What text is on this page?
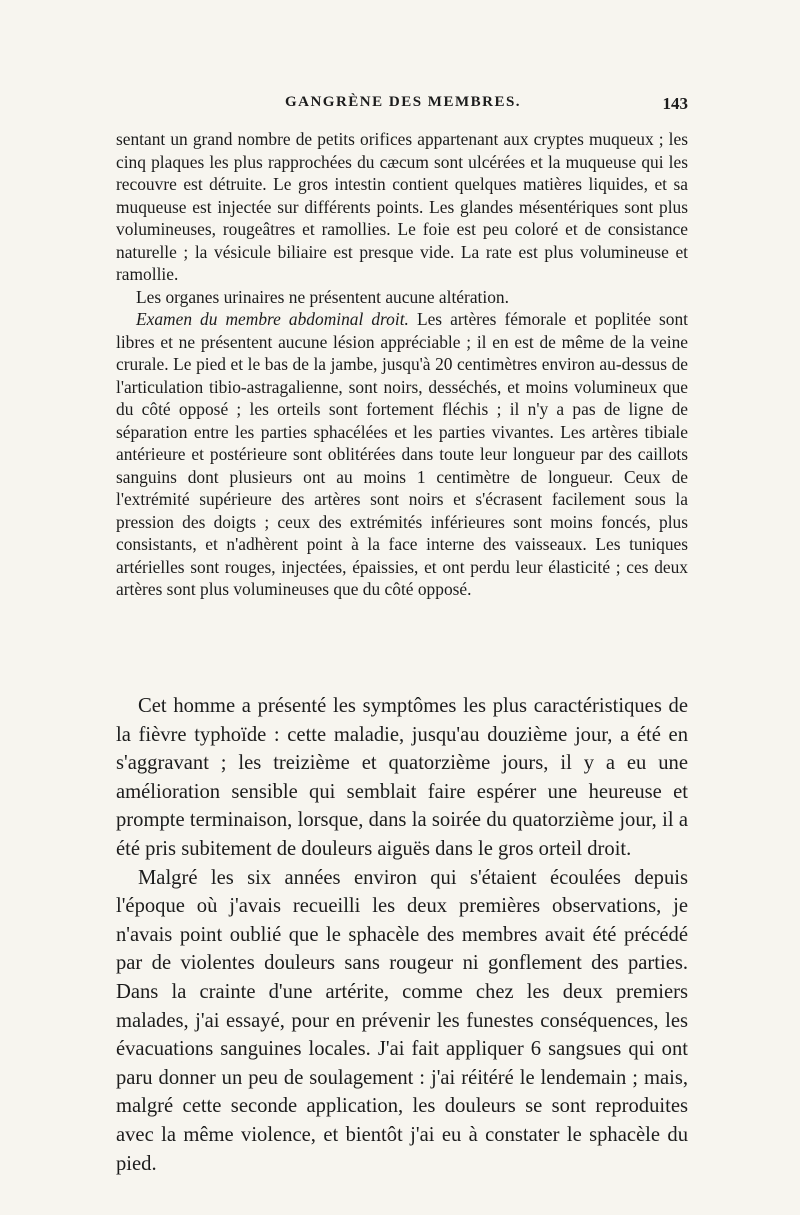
GANGRÈNE DES MEMBRES.	143

sentant un grand nombre de petits orifices appartenant aux cryptes muqueux ; les cinq plaques les plus rapprochées du cæcum sont ulcérées et la muqueuse qui les recouvre est détruite. Le gros intestin contient quelques matières liquides, et sa muqueuse est injectée sur différents points. Les glandes mésentériques sont plus volumineuses, rougeâtres et ramollies. Le foie est peu coloré et de consistance naturelle ; la vésicule biliaire est presque vide. La rate est plus volumineuse et ramollie.

Les organes urinaires ne présentent aucune altération.

Examen du membre abdominal droit. Les artères fémorale et poplitée sont libres et ne présentent aucune lésion appréciable ; il en est de même de la veine crurale. Le pied et le bas de la jambe, jusqu'à 20 centimètres environ au-dessus de l'articulation tibio-astragalienne, sont noirs, desséchés, et moins volumineux que du côté opposé ; les orteils sont fortement fléchis ; il n'y a pas de ligne de séparation entre les parties sphacélées et les parties vivantes. Les artères tibiale antérieure et postérieure sont oblitérées dans toute leur longueur par des caillots sanguins dont plusieurs ont au moins 1 centimètre de longueur. Ceux de l'extrémité supérieure des artères sont noirs et s'écrasent facilement sous la pression des doigts ; ceux des extrémités inférieures sont moins foncés, plus consistants, et n'adhèrent point à la face interne des vaisseaux. Les tuniques artérielles sont rouges, injectées, épaissies, et ont perdu leur élasticité ; ces deux artères sont plus volumineuses que du côté opposé.

Cet homme a présenté les symptômes les plus caractéristiques de la fièvre typhoïde : cette maladie, jusqu'au douzième jour, a été en s'aggravant ; les treizième et quatorzième jours, il y a eu une amélioration sensible qui semblait faire espérer une heureuse et prompte terminaison, lorsque, dans la soirée du quatorzième jour, il a été pris subitement de douleurs aiguës dans le gros orteil droit.

Malgré les six années environ qui s'étaient écoulées depuis l'époque où j'avais recueilli les deux premières observations, je n'avais point oublié que le sphacèle des membres avait été précédé par de violentes douleurs sans rougeur ni gonflement des parties. Dans la crainte d'une artérite, comme chez les deux premiers malades, j'ai essayé, pour en prévenir les funestes conséquences, les évacuations sanguines locales. J'ai fait appliquer 6 sangsues qui ont paru donner un peu de soulagement : j'ai réitéré le lendemain ; mais, malgré cette seconde application, les douleurs se sont reproduites avec la même violence, et bientôt j'ai eu à constater le sphacèle du pied.
